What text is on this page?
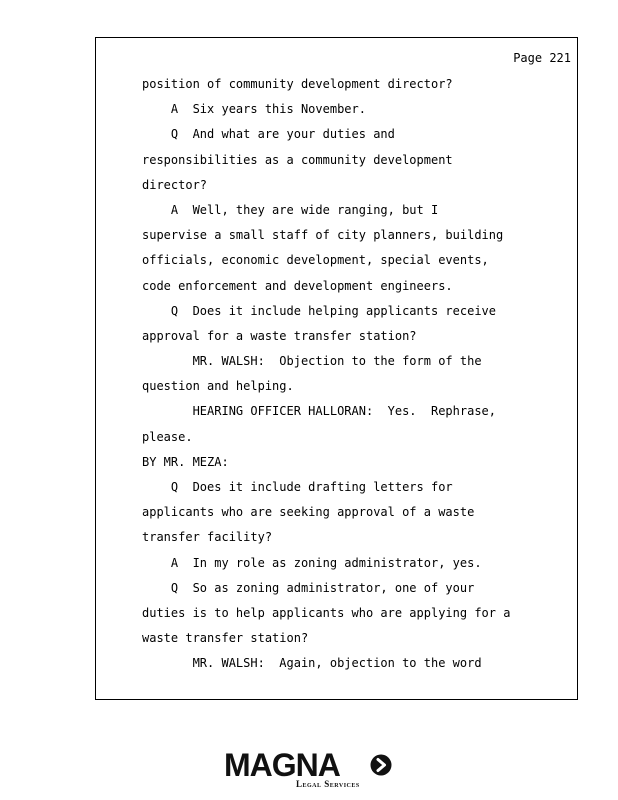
Page 221
position of community development director?
A  Six years this November.
Q  And what are your duties and
responsibilities as a community development
director?
A  Well, they are wide ranging, but I
supervise a small staff of city planners, building
officials, economic development, special events,
code enforcement and development engineers.
Q  Does it include helping applicants receive
approval for a waste transfer station?
MR. WALSH:  Objection to the form of the
question and helping.
HEARING OFFICER HALLORAN:  Yes.  Rephrase,
please.
BY MR. MEZA:
Q  Does it include drafting letters for
applicants who are seeking approval of a waste
transfer facility?
A  In my role as zoning administrator, yes.
Q  So as zoning administrator, one of your
duties is to help applicants who are applying for a
waste transfer station?
MR. WALSH:  Again, objection to the word
MAGNA
Legal Services
